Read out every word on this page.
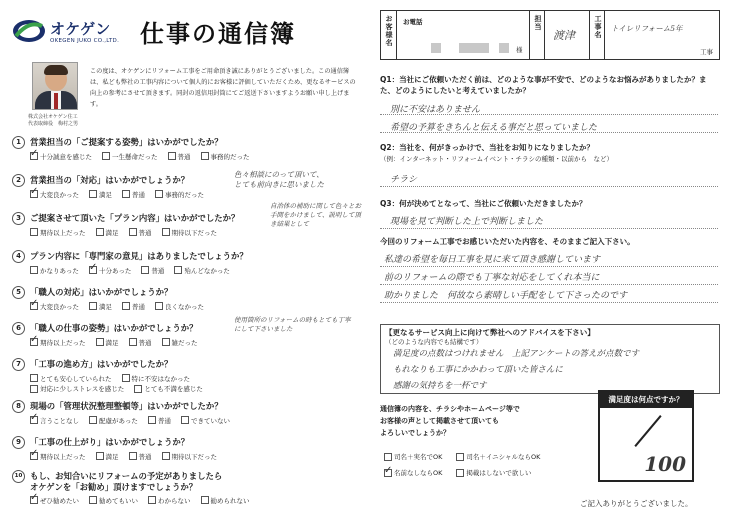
オケゲン
OKEGEN JUKO CO.,LTD. 仕事の通信簿
株式会社オケゲン住工
代表取締役　梅村之男
この度は、オケゲンにリフォーム工事をご用命頂き誠にありがとうございました。この通信簿は、私ども弊社の工事内容について個人的にお客様に評価していただくため、更なるサービスの向上の参考にさせて頂きます。同封の返信用封筒にてご返送下さいますようお願い申し上げます。
1	営業担当の「ご提案する姿勢」はいかがでしたか？
✓
十分誠意を感じた	一生懸命だった	普通	事務的だった
2	営業担当の「対応」はいかがでしょうか？
✓
大変良かった	満足	普通	事務的だった
色々相談にのって頂いて、とても前向きに思いました
3	ご提案させて頂いた「プラン内容」はいかがでしたか？
期待以上だった	満足	普通	期待以下だった
自治体の補助に関して色々とお手間をかけまして、説明して頂き結果として
4	プラン内容に「専門家の意見」はありましたでしょうか？
かなりあった
✓	十分あった	普通	殆んどなかった
5	「職人の対応」はいかがでしょうか？
✓
大変良かった	満足	普通	良くなかった
6	「職人の仕事の姿勢」はいかがでしょうか？
✓
期待以上だった	満足	普通	雑だった
使用箇所のリフォームの時もとても丁寧にして下さいました
7	「工事の進め方」はいかがでしたか？
とても安心していられた	特に不安はなかった
対応に少しストレスを感じた	とても不満を感じた
8	現場の「管理状況整理整頓等」はいかがでしたか？
✓
言うことなし	配慮があった	普通	できていない
9	「工事の仕上がり」はいかがでしょうか？
✓
期待以上だった	満足	普通	期待以下だった
10 もし、お知合いにリフォームの予定がありましたら
オケゲンを「お勧め」頂けますでしょうか？
✓
ぜひ勧めたい	勧めてもいい	わからない	勧められない
お客様名 お電話
様
担当
渡津	工事名 トイレリフォーム5年
工事
Q1：当社にご依頼いただく前は、どのような事が不安で、どのようなお悩みがありましたか？また、どのようにしたいと考えていましたか？
別に不安はありません
希望の予算をきちんと伝える事だと思っていました
Q2：当社を、何がきっかけで、当社をお知りになりましたか？
（例：インターネット・リフォームイベント・チラシの種類・以前から　など）
チラシ
Q3：何が決めてとなって、当社にご依頼いただきましたか？
現場を見て判断した上で判断しました
今回のリフォーム工事でお感じいただいた内容を、そのままご記入下さい。
私達の希望を毎日工事を見に来て頂き感謝しています
前のリフォームの際でも丁寧な対応をしてくれ本当に
助かりました　何故なら素晴しい手配をして下さったのです
【更なるサービス向上に向けて弊社へのアドバイスを下さい】
（どのような内容でも結構です）
満足度の点数はつけれません　上記アンケートの答えが点数です
もれなりも工事にかかわって頂いた皆さんに
感謝の気持ちを一杯です
通信簿の内容を、チラシやホームページ等で
お客様の声として掲載させて頂いても
よろしいでしょうか？
司名＋実名でOK	司名＋イニシャルならOK
✓
名前なしならOK	掲載はしないで欲しい
満足度は何点ですか？
100
ご記入ありがとうございました。
